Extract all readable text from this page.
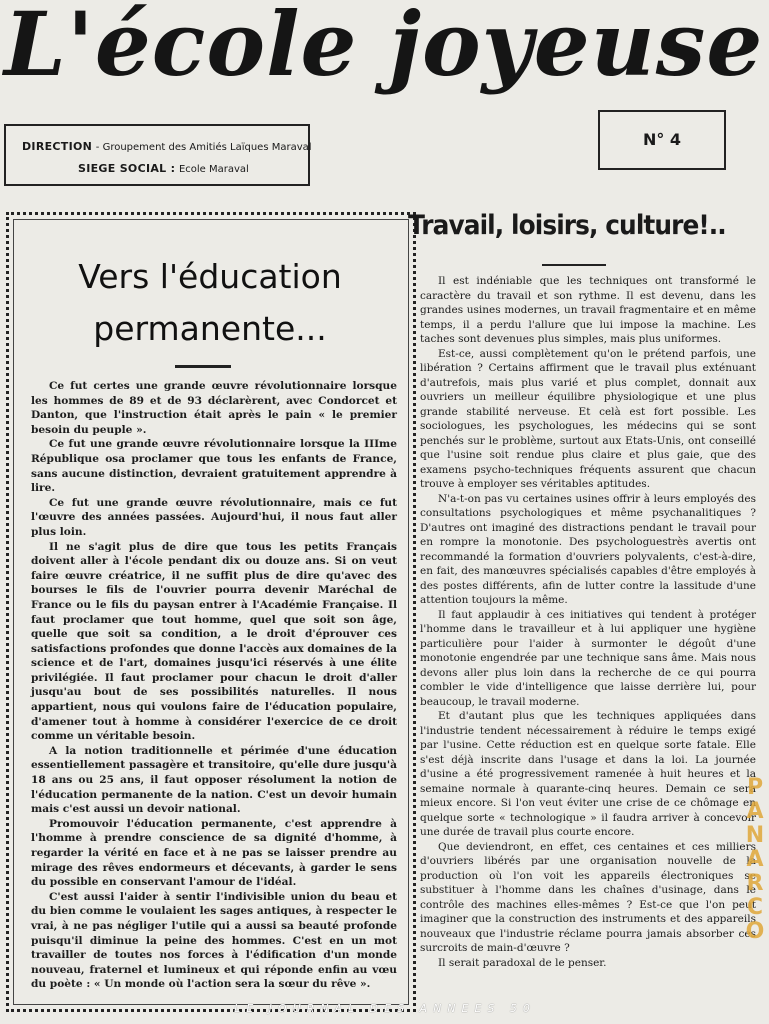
L'école joyeuse
DIRECTION - Groupement des Amitiés Laïques Maraval
SIEGE SOCIAL : Ecole Maraval
N° 4
Vers l'éducation
permanente...

Ce fut certes une grande œuvre révolutionnaire lorsque les hommes de 89 et de 93 déclarèrent, avec Condorcet et Danton, que l'instruction était après le pain « le premier besoin du peuple ».

Ce fut une grande œuvre révolutionnaire lorsque la IIIme République osa proclamer que tous les enfants de France, sans aucune distinction, devraient gratuitement apprendre à lire.

Ce fut une grande œuvre révolutionnaire, mais ce fut l'œuvre des années passées. Aujourd'hui, il nous faut aller plus loin.

Il ne s'agit plus de dire que tous les petits Français doivent aller à l'école pendant dix ou douze ans. Si on veut faire œuvre créatrice, il ne suffit plus de dire qu'avec des bourses le fils de l'ouvrier pourra devenir Maréchal de France ou le fils du paysan entrer à l'Académie Française. Il faut proclamer que tout homme, quel que soit son âge, quelle que soit sa condition, a le droit d'éprouver ces satisfactions profondes que donne l'accès aux domaines de la science et de l'art, domaines jusqu'ici réservés à une élite privilégiée. Il faut proclamer pour chacun le droit d'aller jusqu'au bout de ses possibilités naturelles. Il nous appartient, nous qui voulons faire de l'éducation populaire, d'amener tout à homme à considérer l'exercice de ce droit comme un véritable besoin.

A la notion traditionnelle et périmée d'une éducation essentiellement passagère et transitoire, qu'elle dure jusqu'à 18 ans ou 25 ans, il faut opposer résolument la notion de l'éducation permanente de la nation. C'est un devoir humain mais c'est aussi un devoir national.

Promouvoir l'éducation permanente, c'est apprendre à l'homme à prendre conscience de sa dignité d'homme, à regarder la vérité en face et à ne pas se laisser prendre au mirage des rêves endormeurs et décevants, à garder le sens du possible en conservant l'amour de l'idéal.

C'est aussi l'aider à sentir l'indivisible union du beau et du bien comme le voulaient les sages antiques, à respecter le vrai, à ne pas négliger l'utile qui a aussi sa beauté profonde puisqu'il diminue la peine des hommes. C'est en un mot travailler de toutes nos forces à l'édification d'un monde nouveau, fraternel et lumineux et qui réponde enfin au vœu du poète : « Un monde où l'action sera la sœur du rêve ».

Travail, loisirs, culture!..

Il est indéniable que les techniques ont transformé le caractère du travail et son rythme. Il est devenu, dans les grandes usines modernes, un travail fragmentaire et en même temps, il a perdu l'allure que lui impose la machine. Les taches sont devenues plus simples, mais plus uniformes.

Est-ce, aussi complètement qu'on le prétend parfois, une libération ? Certains affirment que le travail plus exténuant d'autrefois, mais plus varié et plus complet, donnait aux ouvriers un meilleur équilibre physiologique et une plus grande stabilité nerveuse. Et celà est fort possible. Les sociologues, les psychologues, les médecins qui se sont penchés sur le problème, surtout aux Etats-Unis, ont conseillé que l'usine soit rendue plus claire et plus gaie, que des examens psycho-techniques fréquents assurent que chacun trouve à employer ses véritables aptitudes.

N'a-t-on pas vu certaines usines offrir à leurs employés des consultations psychologiques et même psychanalitiques ? D'autres ont imaginé des distractions pendant le travail pour en rompre la monotonie. Des psychologuestrès avertis ont recommandé la formation d'ouvriers polyvalents, c'est-à-dire, en fait, des manœuvres spécialisés capables d'être employés à des postes différents, afin de lutter contre la lassitude d'une attention toujours la même.

Il faut applaudir à ces initiatives qui tendent à protéger l'homme dans le travailleur et à lui appliquer une hygiène particulière pour l'aider à surmonter le dégoût d'une monotonie engendrée par une technique sans âme. Mais nous devons aller plus loin dans la recherche de ce qui pourra combler le vide d'intelligence que laisse derrière lui, pour beaucoup, le travail moderne.

Et d'autant plus que les techniques appliquées dans l'industrie tendent nécessairement à réduire le temps exigé par l'usine. Cette réduction est en quelque sorte fatale. Elle s'est déjà inscrite dans l'usage et dans la loi. La journée d'usine a été progressivement ramenée à huit heures et la semaine normale à quarante-cinq heures. Demain ce sera mieux encore. Si l'on veut éviter une crise de ce chômage en quelque sorte « technologique » il faudra arriver à concevoir une durée de travail plus courte encore.

Que deviendront, en effet, ces centaines et ces milliers d'ouvriers libérés par une organisation nouvelle de la production où l'on voit les appareils électroniques se substituer à l'homme dans les chaînes d'usinage, dans le contrôle des machines elles-mêmes ? Est-ce que l'on peut imaginer que la construction des instruments et des appareils nouveaux que l'industrie réclame pourra jamais absorber ces surcroits de main-d'œuvre ?

Il serait paradoxal de le penser.

PANARCO
LE JOURNAL DES ANNEES 50
